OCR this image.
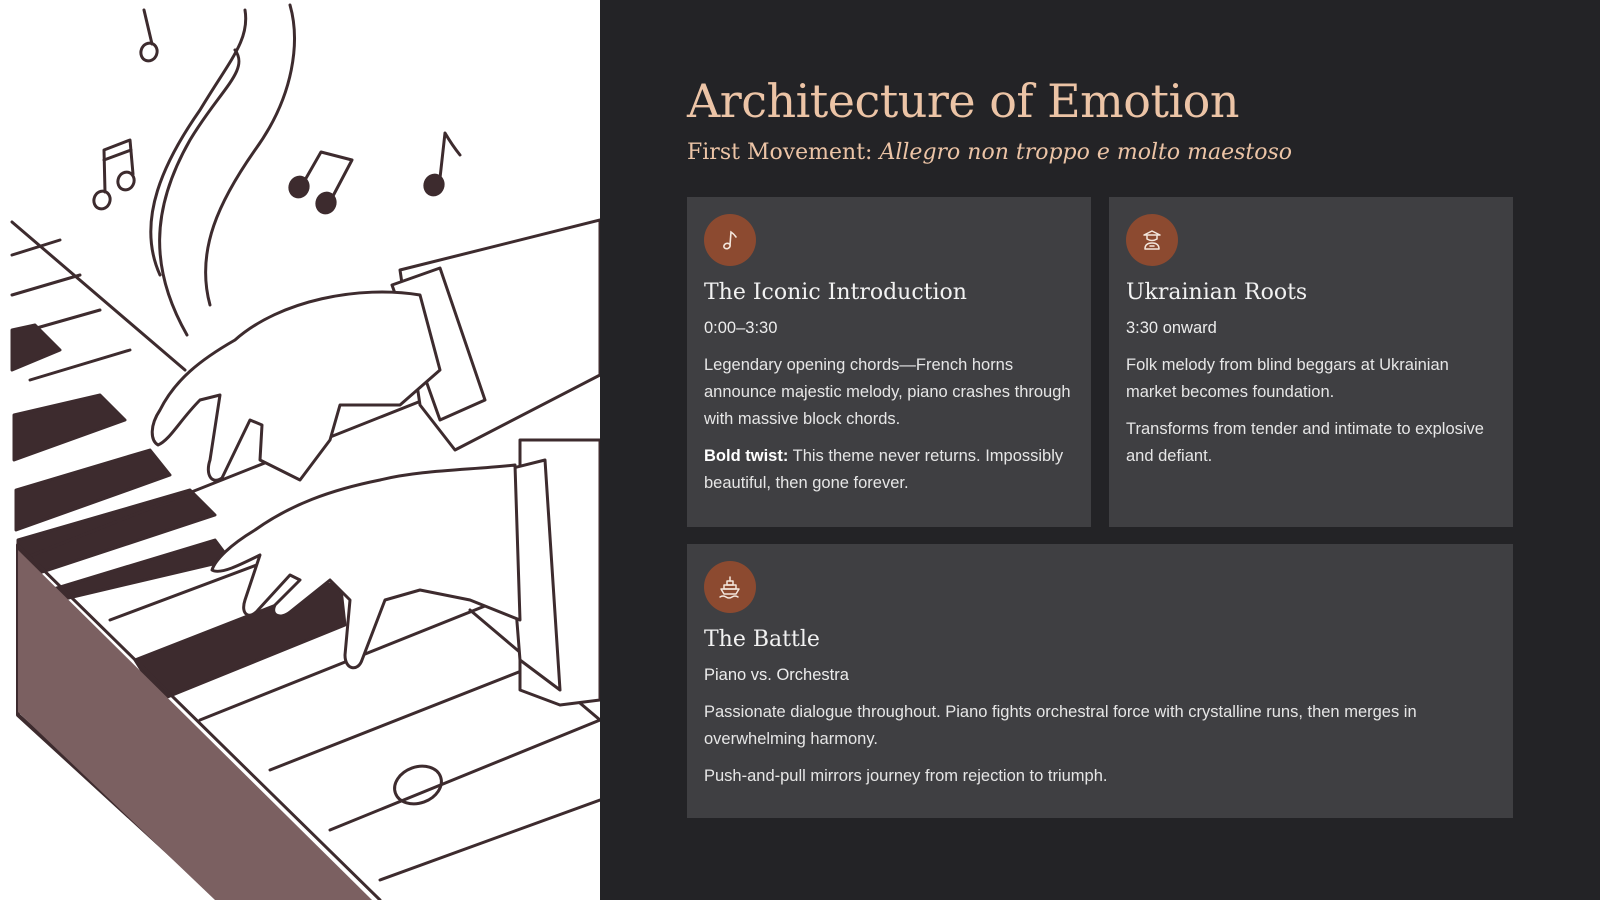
Architecture of Emotion
First Movement: Allegro non troppo e molto maestoso
The Iconic Introduction
0:00–3:30

Legendary opening chords—French horns announce majestic melody, piano crashes through with massive block chords.

Bold twist: This theme never returns. Impossibly beautiful, then gone forever.

Ukrainian Roots
3:30 onward

Folk melody from blind beggars at Ukrainian market becomes foundation.

Transforms from tender and intimate to explosive and defiant.

The Battle
Piano vs. Orchestra

Passionate dialogue throughout. Piano fights orchestral force with crystalline runs, then merges in overwhelming harmony.

Push-and-pull mirrors journey from rejection to triumph.
